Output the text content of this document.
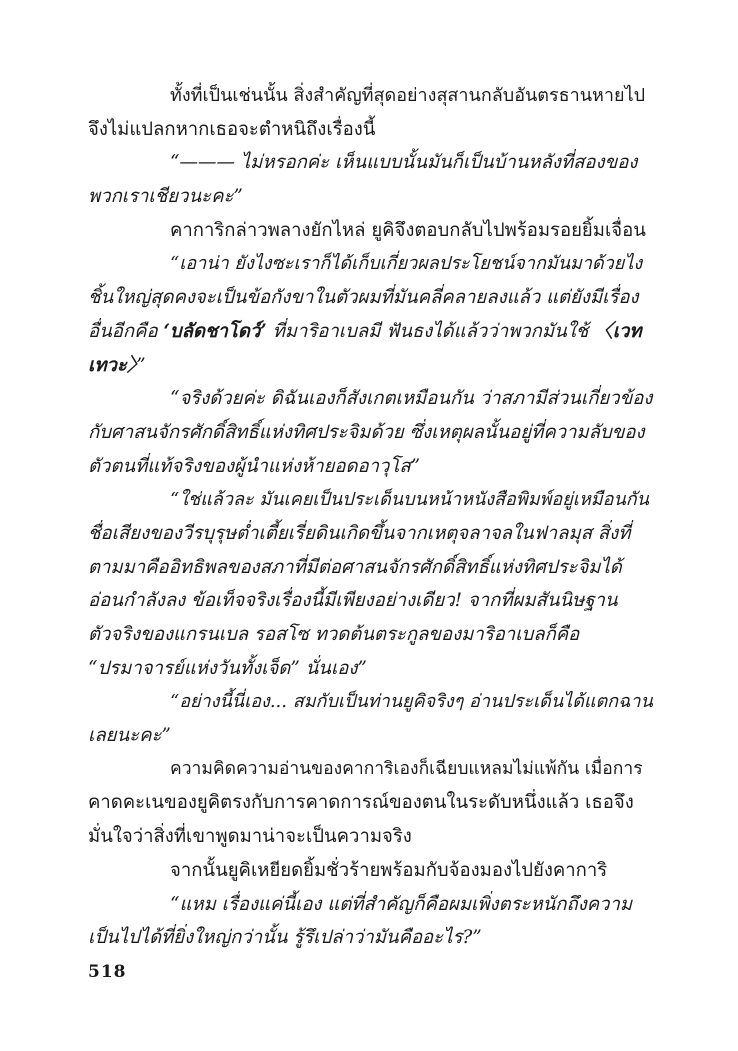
ทั้งที่เป็นเช่นนั้น สิ่งสำคัญที่สุดอย่างสุสานกลับอันตรธานหายไป
จึงไม่แปลกหากเธอจะตำหนิถึงเรื่องนี้
“——— ไม่หรอกค่ะ เห็นแบบนั้นมันก็เป็นบ้านหลังที่สองของ
พวกเราเชียวนะคะ”
คาการิกล่าวพลางยักไหล่ ยูคิจึงตอบกลับไปพร้อมรอยยิ้มเจื่อน
“เอาน่า ยังไงซะเราก็ได้เก็บเกี่ยวผลประโยชน์จากมันมาด้วยไง
ชิ้นใหญ่สุดคงจะเป็นข้อกังขาในตัวผมที่มันคลี่คลายลงแล้ว แต่ยังมีเรื่อง
อื่นอีกคือ ‘บลัดชาโดว์’ ที่มาริอาเบลมี ฟันธงได้แล้วว่าพวกมันใช้ 〈เวท
เทวะ〉”
“จริงด้วยค่ะ ดิฉันเองก็สังเกตเหมือนกัน ว่าสภามีส่วนเกี่ยวข้อง
กับศาสนจักรศักดิ์สิทธิ์แห่งทิศประจิมด้วย ซึ่งเหตุผลนั้นอยู่ที่ความลับของ
ตัวตนที่แท้จริงของผู้นำแห่งห้ายอดอาวุโส”
“ใช่แล้วละ มันเคยเป็นประเด็นบนหน้าหนังสือพิมพ์อยู่เหมือนกัน
ชื่อเสียงของวีรบุรุษต่ำเตี้ยเรี่ยดินเกิดขึ้นจากเหตุจลาจลในฟาลมุส สิ่งที่
ตามมาคืออิทธิพลของสภาที่มีต่อศาสนจักรศักดิ์สิทธิ์แห่งทิศประจิมได้
อ่อนกำลังลง ข้อเท็จจริงเรื่องนี้มีเพียงอย่างเดียว! จากที่ผมสันนิษฐาน
ตัวจริงของแกรนเบล รอสโซ ทวดต้นตระกูลของมาริอาเบลก็คือ
“ปรมาจารย์แห่งวันทั้งเจ็ด” นั่นเอง”
“อย่างนี้นี่เอง... สมกับเป็นท่านยูคิจริงๆ อ่านประเด็นได้แตกฉาน
เลยนะคะ”
ความคิดความอ่านของคาการิเองก็เฉียบแหลมไม่แพ้กัน เมื่อการ
คาดคะเนของยูคิตรงกับการคาดการณ์ของตนในระดับหนึ่งแล้ว เธอจึง
มั่นใจว่าสิ่งที่เขาพูดมาน่าจะเป็นความจริง
จากนั้นยูคิเหยียดยิ้มชั่วร้ายพร้อมกับจ้องมองไปยังคาการิ
“แหม เรื่องแค่นี้เอง แต่ที่สำคัญก็คือผมเพิ่งตระหนักถึงความ
เป็นไปได้ที่ยิ่งใหญ่กว่านั้น รู้รึเปล่าว่ามันคืออะไร?”
518
